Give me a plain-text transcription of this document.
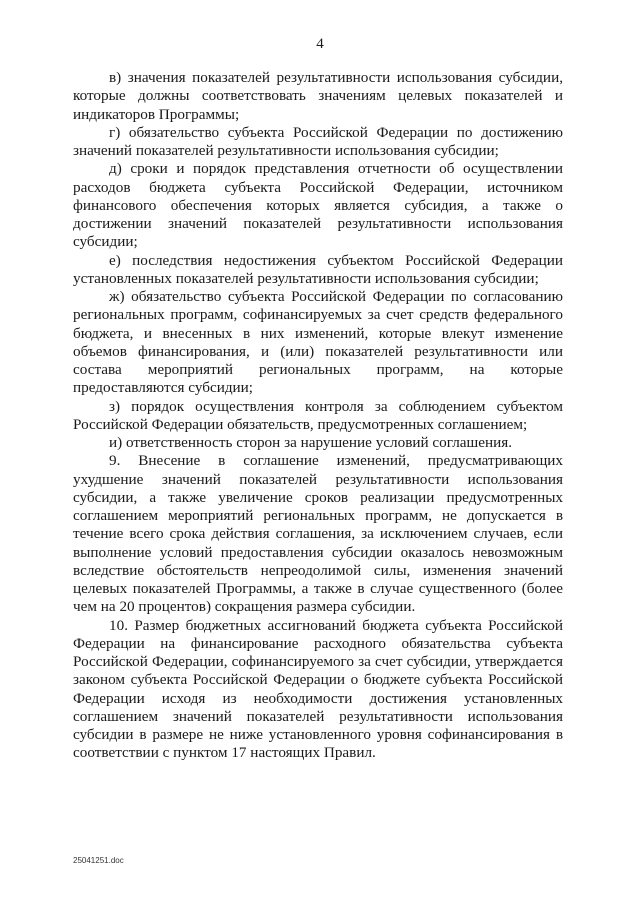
4

в) значения показателей результативности использования субсидии, которые должны соответствовать значениям целевых показателей и индикаторов Программы;

г) обязательство субъекта Российской Федерации по достижению значений показателей результативности использования субсидии;

д) сроки и порядок представления отчетности об осуществлении расходов бюджета субъекта Российской Федерации, источником финансового обеспечения которых является субсидия, а также о достижении значений показателей результативности использования субсидии;

е) последствия недостижения субъектом Российской Федерации установленных показателей результативности использования субсидии;

ж) обязательство субъекта Российской Федерации по согласованию региональных программ, софинансируемых за счет средств федерального бюджета, и внесенных в них изменений, которые влекут изменение объемов финансирования, и (или) показателей результативности или состава мероприятий региональных программ, на которые предоставляются субсидии;

з) порядок осуществления контроля за соблюдением субъектом Российской Федерации обязательств, предусмотренных соглашением;

и) ответственность сторон за нарушение условий соглашения.

9. Внесение в соглашение изменений, предусматривающих ухудшение значений показателей результативности использования субсидии, а также увеличение сроков реализации предусмотренных соглашением мероприятий региональных программ, не допускается в течение всего срока действия соглашения, за исключением случаев, если выполнение условий предоставления субсидии оказалось невозможным вследствие обстоятельств непреодолимой силы, изменения значений целевых показателей Программы, а также в случае существенного (более чем на 20 процентов) сокращения размера субсидии.

10. Размер бюджетных ассигнований бюджета субъекта Российской Федерации на финансирование расходного обязательства субъекта Российской Федерации, софинансируемого за счет субсидии, утверждается законом субъекта Российской Федерации о бюджете субъекта Российской Федерации исходя из необходимости достижения установленных соглашением значений показателей результативности использования субсидии в размере не ниже установленного уровня софинансирования в соответствии с пунктом 17 настоящих Правил.

25041251.doc
